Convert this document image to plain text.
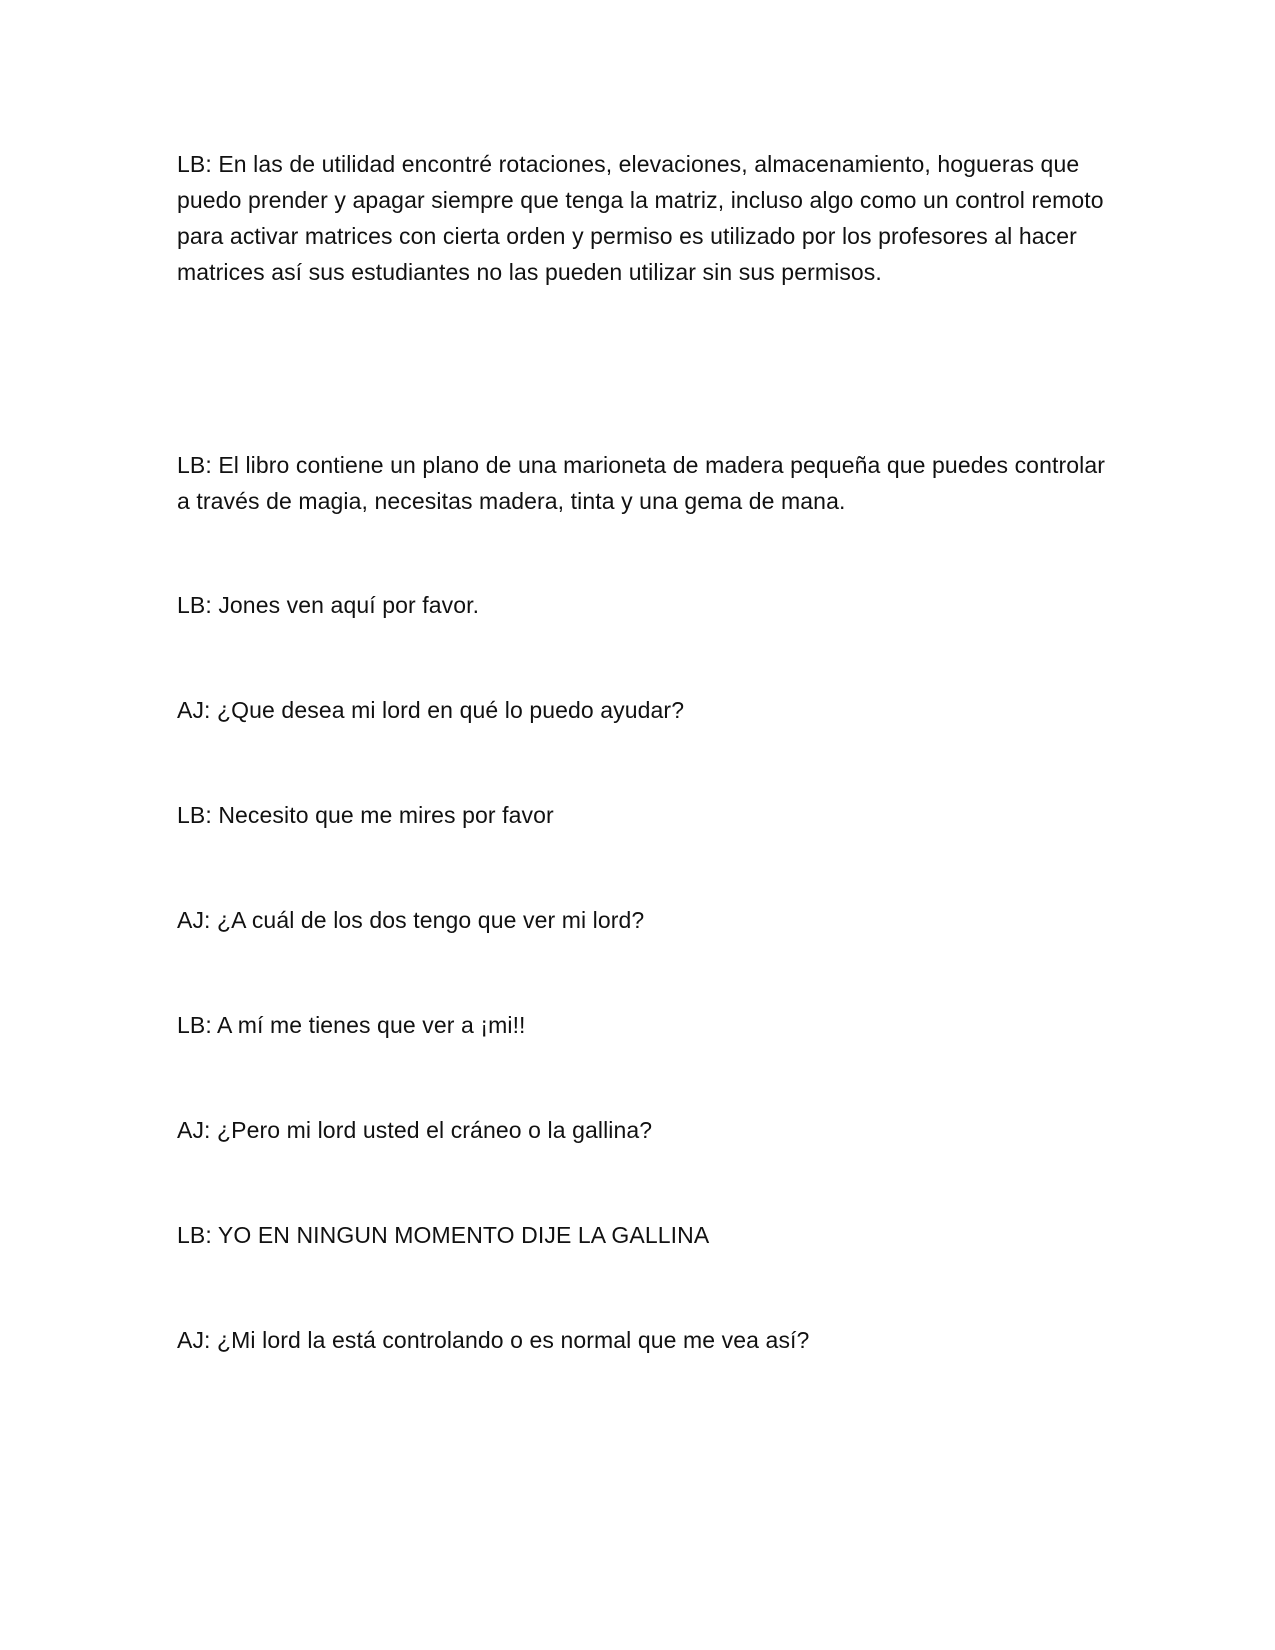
LB: En las de utilidad encontré rotaciones, elevaciones, almacenamiento, hogueras que puedo prender y apagar siempre que tenga la matriz, incluso algo como un control remoto para activar matrices con cierta orden y permiso es utilizado por los profesores al hacer matrices así sus estudiantes no las pueden utilizar sin sus permisos.

LB: El libro contiene un plano de una marioneta de madera pequeña que puedes controlar a través de magia, necesitas madera, tinta y una gema de mana.

LB: Jones ven aquí por favor.

AJ: ¿Que desea mi lord en qué lo puedo ayudar?

LB: Necesito que me mires por favor

AJ: ¿A cuál de los dos tengo que ver mi lord?

LB: A mí me tienes que ver a ¡mi!!

AJ: ¿Pero mi lord usted el cráneo o la gallina?

LB: YO EN NINGUN MOMENTO DIJE LA GALLINA

AJ: ¿Mi lord la está controlando o es normal que me vea así?
